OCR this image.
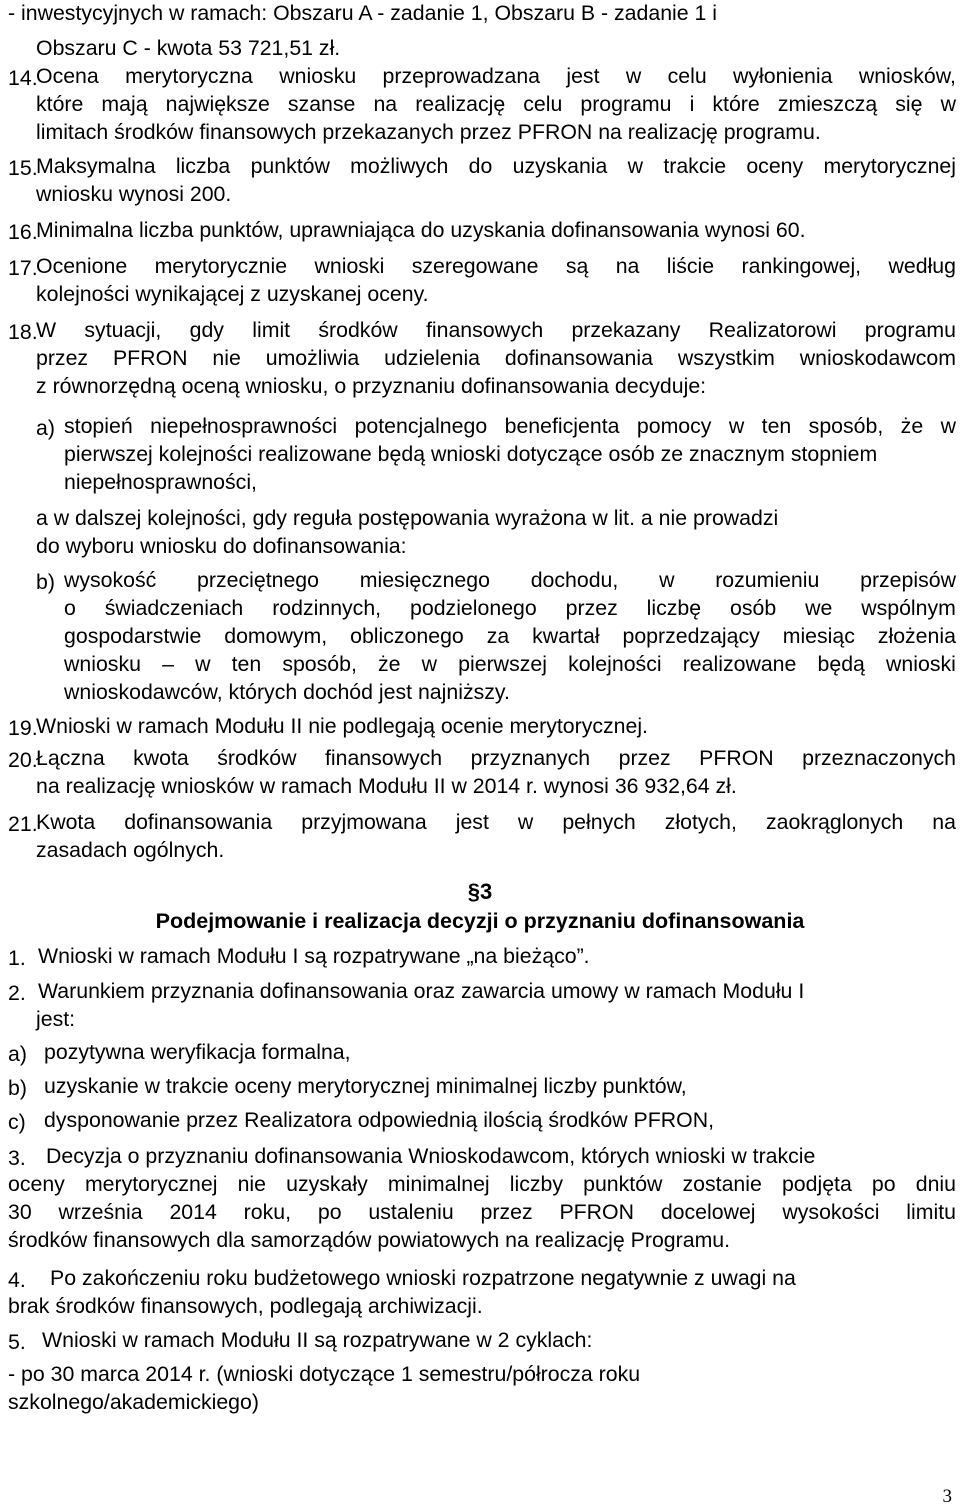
- inwestycyjnych w ramach: Obszaru A - zadanie 1, Obszaru B - zadanie 1 i
Obszaru C - kwota 53 721,51 zł.
14.
Ocena merytoryczna wniosku przeprowadzana jest w celu wyłonienia wniosków,
które mają największe szanse na realizację celu programu i które zmieszczą się w
limitach środków finansowych przekazanych przez PFRON na realizację programu.
15.
Maksymalna liczba punktów możliwych do uzyskania w trakcie oceny merytorycznej
wniosku wynosi 200.
16.
Minimalna liczba punktów, uprawniająca do uzyskania dofinansowania wynosi 60.
17.
Ocenione merytorycznie wnioski szeregowane są na liście rankingowej, według
kolejności wynikającej z uzyskanej oceny.
18.
W sytuacji, gdy limit środków finansowych przekazany Realizatorowi programu
przez PFRON nie umożliwia udzielenia dofinansowania wszystkim wnioskodawcom
z równorzędną oceną wniosku, o przyznaniu dofinansowania decyduje:
a) stopień niepełnosprawności potencjalnego beneficjenta pomocy w ten sposób, że w
pierwszej kolejności realizowane będą wnioski dotyczące osób ze znacznym stopniem
niepełnosprawności,
a w dalszej kolejności, gdy reguła postępowania wyrażona w lit. a nie prowadzi
do wyboru wniosku do dofinansowania:
b) wysokość przeciętnego miesięcznego dochodu, w rozumieniu przepisów
o świadczeniach rodzinnych, podzielonego przez liczbę osób we wspólnym
gospodarstwie domowym, obliczonego za kwartał poprzedzający miesiąc złożenia
wniosku – w ten sposób, że w pierwszej kolejności realizowane będą wnioski
wnioskodawców, których dochód jest najniższy.
19.
Wnioski w ramach Modułu II nie podlegają ocenie merytorycznej.
20.
Łączna kwota środków finansowych przyznanych przez PFRON przeznaczonych
na realizację wniosków w ramach Modułu II w 2014 r. wynosi 36 932,64 zł.
21.
Kwota dofinansowania przyjmowana jest w pełnych złotych, zaokrąglonych na
zasadach ogólnych.
§3
Podejmowanie i realizacja decyzji o przyznaniu dofinansowania
1. Wnioski w ramach Modułu I są rozpatrywane „na bieżąco”.
2. Warunkiem przyznania dofinansowania oraz zawarcia umowy w ramach Modułu I
jest:
a) pozytywna weryfikacja formalna,
b) uzyskanie w trakcie oceny merytorycznej minimalnej liczby punktów,
c) dysponowanie przez Realizatora odpowiednią ilością środków PFRON,
3. Decyzja o przyznaniu dofinansowania Wnioskodawcom, których wnioski w trakcie
oceny merytorycznej nie uzyskały minimalnej liczby punktów zostanie podjęta po dniu
30 września 2014 roku, po ustaleniu przez PFRON docelowej wysokości limitu
środków finansowych dla samorządów powiatowych na realizację Programu.
4. Po zakończeniu roku budżetowego wnioski rozpatrzone negatywnie z uwagi na
brak środków finansowych, podlegają archiwizacji.
5. Wnioski w ramach Modułu II są rozpatrywane w 2 cyklach:
- po 30 marca 2014 r. (wnioski dotyczące 1 semestru/półrocza roku
szkolnego/akademickiego)
3
